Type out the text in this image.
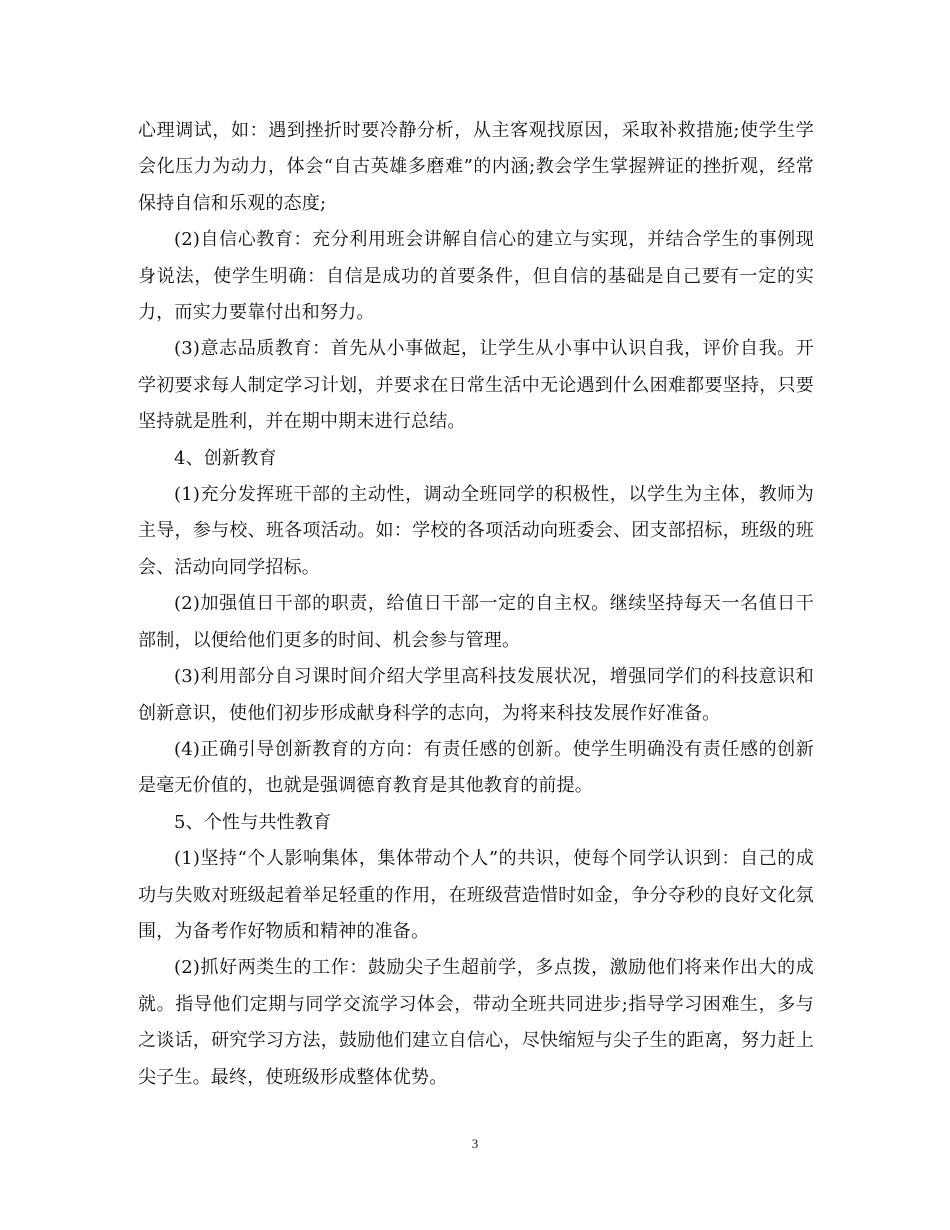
心理调试，如：遇到挫折时要冷静分析，从主客观找原因，采取补救措施;使学生学会化压力为动力，体会“自古英雄多磨难”的内涵;教会学生掌握辨证的挫折观，经常保持自信和乐观的态度;

(2)自信心教育：充分利用班会讲解自信心的建立与实现，并结合学生的事例现身说法，使学生明确：自信是成功的首要条件，但自信的基础是自己要有一定的实力，而实力要靠付出和努力。

(3)意志品质教育：首先从小事做起，让学生从小事中认识自我，评价自我。开学初要求每人制定学习计划，并要求在日常生活中无论遇到什么困难都要坚持，只要坚持就是胜利，并在期中期末进行总结。

4、创新教育

(1)充分发挥班干部的主动性，调动全班同学的积极性，以学生为主体，教师为主导，参与校、班各项活动。如：学校的各项活动向班委会、团支部招标，班级的班会、活动向同学招标。

(2)加强值日干部的职责，给值日干部一定的自主权。继续坚持每天一名值日干部制，以便给他们更多的时间、机会参与管理。

(3)利用部分自习课时间介绍大学里高科技发展状况，增强同学们的科技意识和创新意识，使他们初步形成献身科学的志向，为将来科技发展作好准备。

(4)正确引导创新教育的方向：有责任感的创新。使学生明确没有责任感的创新是毫无价值的，也就是强调德育教育是其他教育的前提。

5、个性与共性教育

(1)坚持“个人影响集体，集体带动个人”的共识，使每个同学认识到：自己的成功与失败对班级起着举足轻重的作用，在班级营造惜时如金，争分夺秒的良好文化氛围，为备考作好物质和精神的准备。

(2)抓好两类生的工作：鼓励尖子生超前学，多点拨，激励他们将来作出大的成就。指导他们定期与同学交流学习体会，带动全班共同进步;指导学习困难生，多与之谈话，研究学习方法，鼓励他们建立自信心，尽快缩短与尖子生的距离，努力赶上尖子生。最终，使班级形成整体优势。

3
